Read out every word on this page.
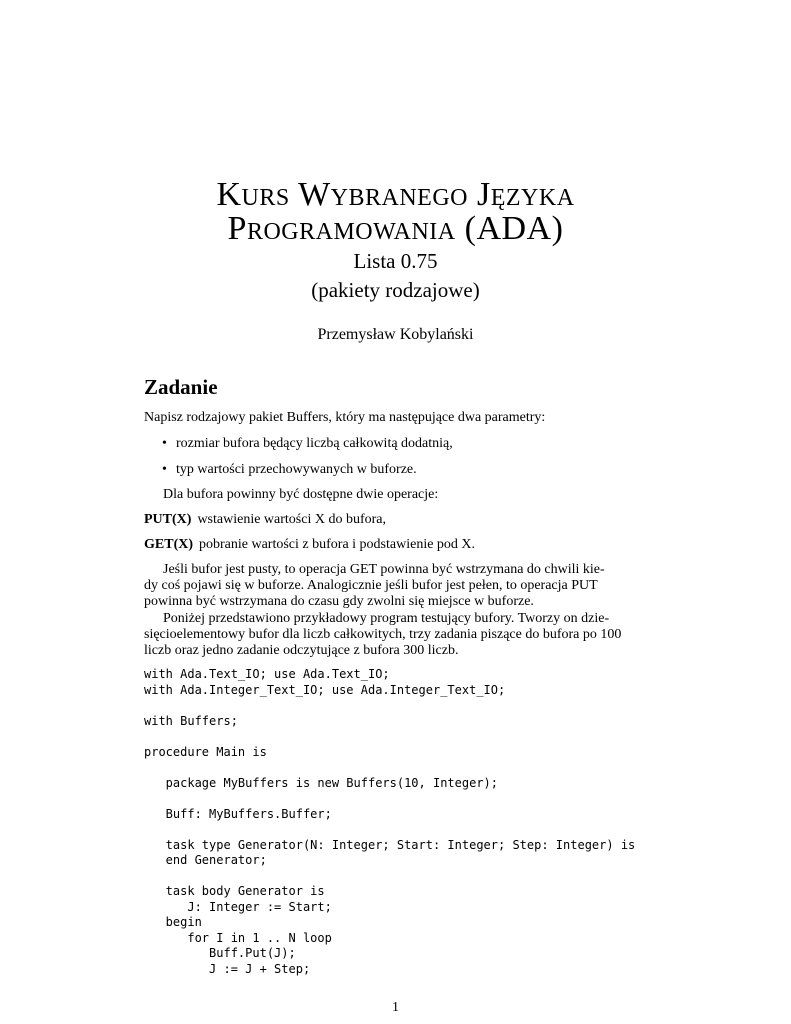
Kurs Wybranego Języka
Programowania (ADA)
Lista 0.75
(pakiety rodzajowe)
Przemysław Kobylański
Zadanie
Napisz rodzajowy pakiet Buffers, który ma następujące dwa parametry:
• rozmiar bufora będący liczbą całkowitą dodatnią,
• typ wartości przechowywanych w buforze.
Dla bufora powinny być dostępne dwie operacje:
PUT(X) wstawienie wartości X do bufora,
GET(X) pobranie wartości z bufora i podstawienie pod X.
Jeśli bufor jest pusty, to operacja GET powinna być wstrzymana do chwili kie-
dy coś pojawi się w buforze. Analogicznie jeśli bufor jest pełen, to operacja PUT
powinna być wstrzymana do czasu gdy zwolni się miejsce w buforze.
Poniżej przedstawiono przykładowy program testujący bufory. Tworzy on dzie-
sięcioelementowy bufor dla liczb całkowitych, trzy zadania piszące do bufora po 100
liczb oraz jedno zadanie odczytujące z bufora 300 liczb.
with Ada.Text_IO; use Ada.Text_IO;
with Ada.Integer_Text_IO; use Ada.Integer_Text_IO;

with Buffers;

procedure Main is

package MyBuffers is new Buffers(10, Integer);

Buff: MyBuffers.Buffer;

task type Generator(N: Integer; Start: Integer; Step: Integer) is
end Generator;

task body Generator is
J: Integer := Start;
begin
for I in 1 .. N loop
Buff.Put(J);
J := J + Step;
1
